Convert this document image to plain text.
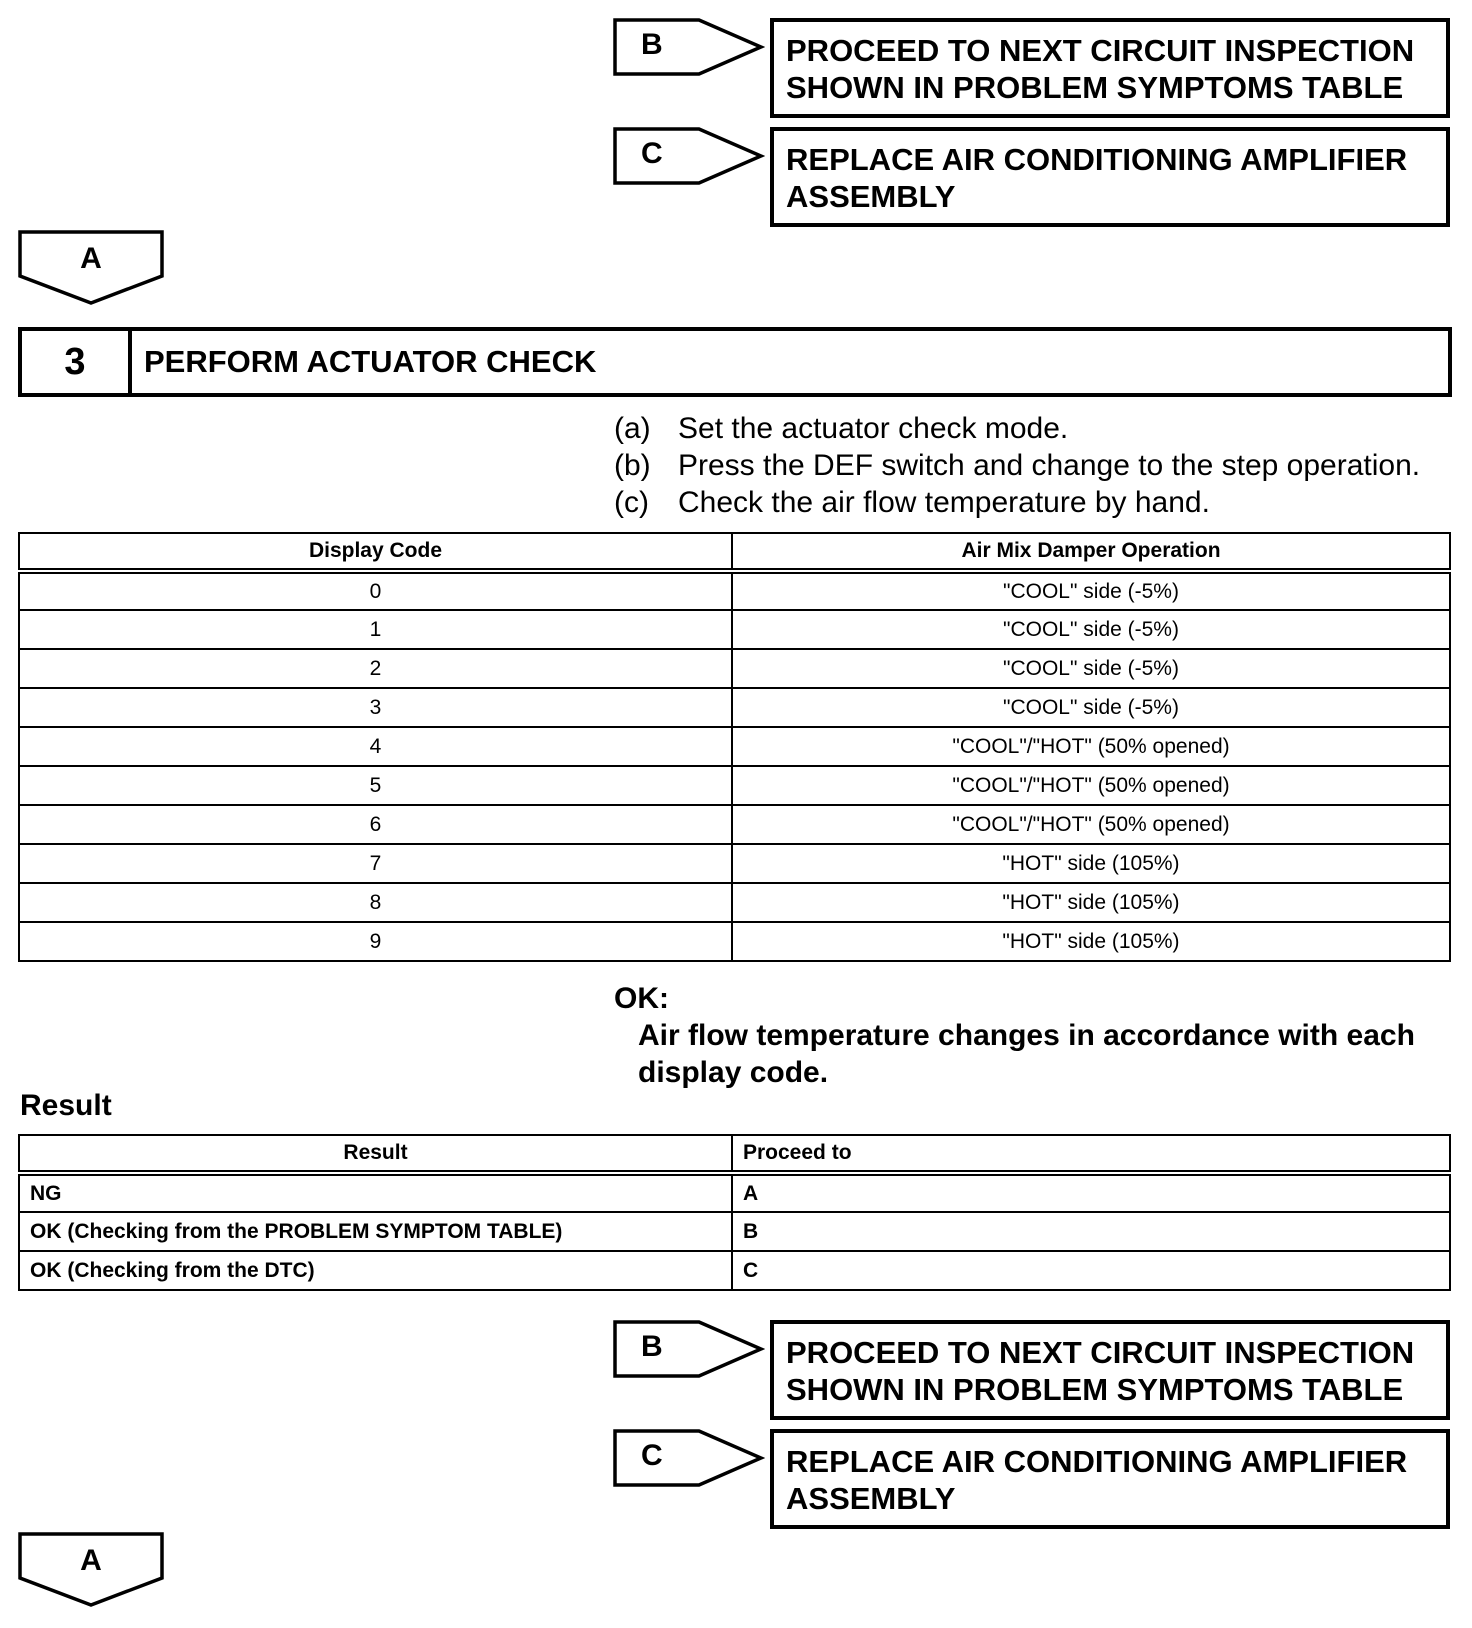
B	PROCEED TO NEXT CIRCUIT INSPECTION
SHOWN IN PROBLEM SYMPTOMS TABLE
C	REPLACE AIR CONDITIONING AMPLIFIER
ASSEMBLY
A
3	PERFORM ACTUATOR CHECK
(a) Set the actuator check mode.
(b) Press the DEF switch and change to the step operation.
(c) Check the air flow temperature by hand.
Display Code	Air Mix Damper Operation
0	"COOL" side (-5%)
1	"COOL" side (-5%)
2	"COOL" side (-5%)
3	"COOL" side (-5%)
4	"COOL"/"HOT" (50% opened)
5	"COOL"/"HOT" (50% opened)
6	"COOL"/"HOT" (50% opened)
7	"HOT" side (105%)
8	"HOT" side (105%)
9	"HOT" side (105%)
OK:
Air flow temperature changes in accordance with each
display code.
Result
Result	Proceed to
NG	A
OK (Checking from the PROBLEM SYMPTOM TABLE)	B
OK (Checking from the DTC)	C
B	PROCEED TO NEXT CIRCUIT INSPECTION
SHOWN IN PROBLEM SYMPTOMS TABLE
C	REPLACE AIR CONDITIONING AMPLIFIER
ASSEMBLY
A
